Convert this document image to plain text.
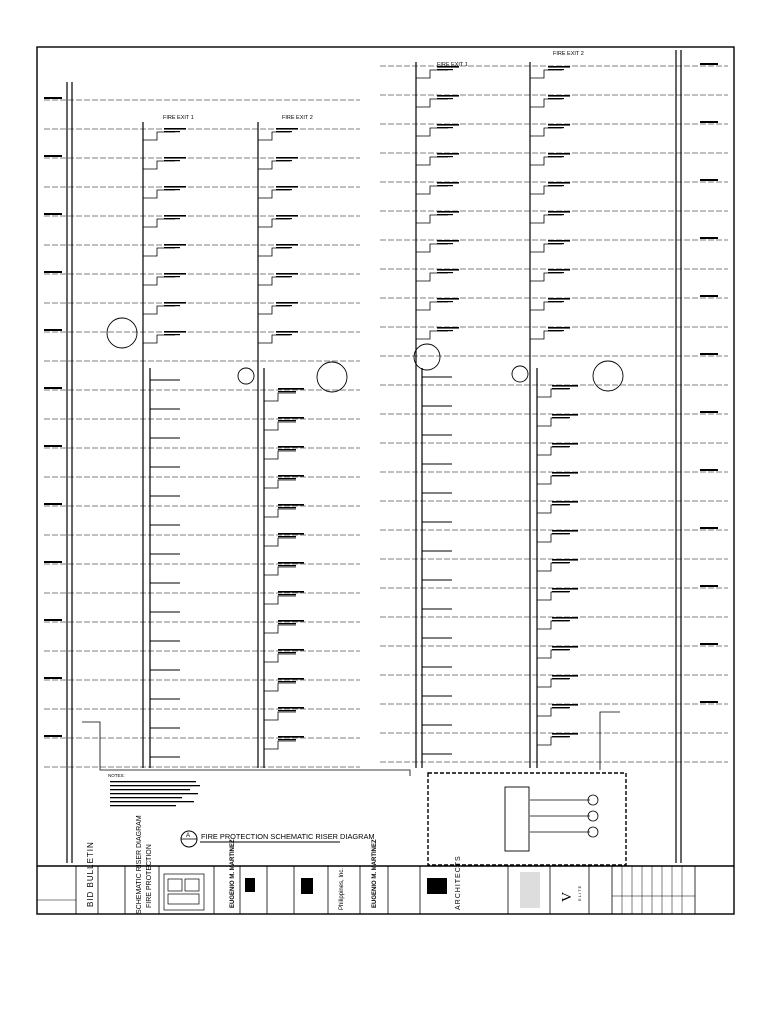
NOTES:
FIRE EXIT 1	FIRE EXIT 2
FIRE EXIT 1
FIRE EXIT 2
A FIRE PROTECTION SCHEMATIC RISER DIAGRAM
FIRE PROTECTION
SCHEMATIC RISER DIAGRAM
BID BULLETIN	EUGENIO M. MARTINEZ	Philippines, Inc.	EUGENIO M. MARTINEZ	ARCHITECTS	V ELITE
